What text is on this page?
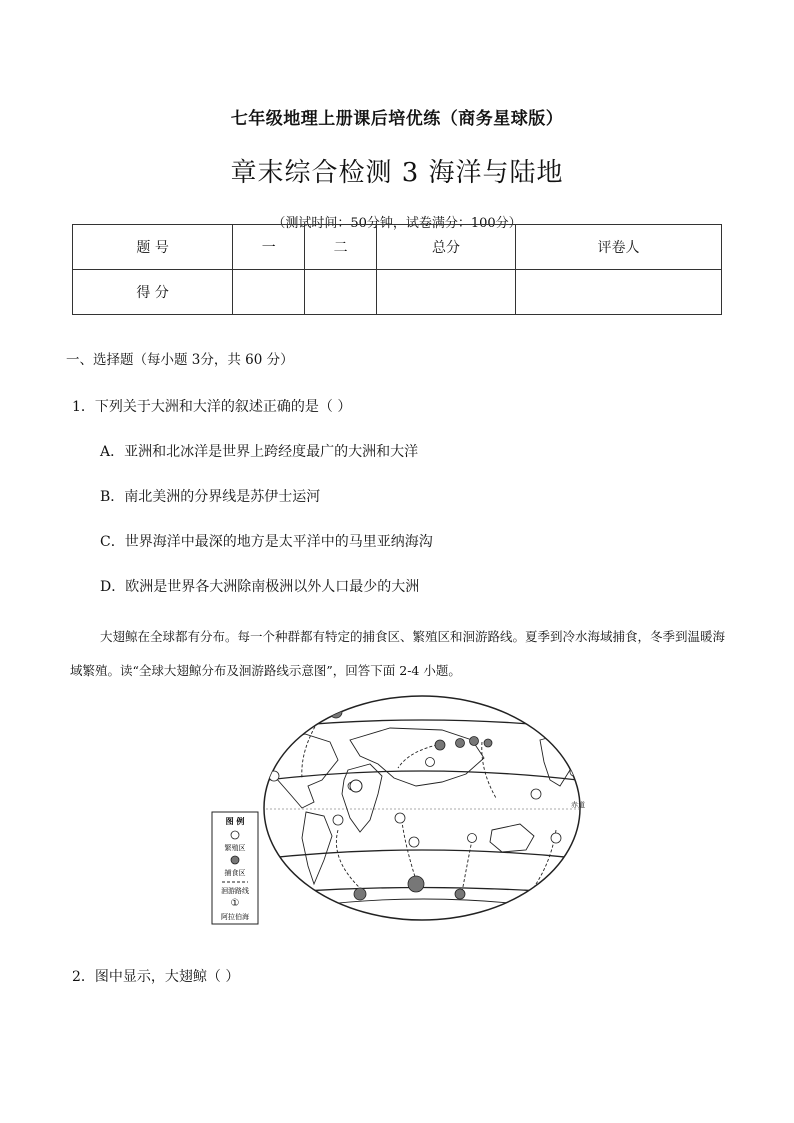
七年级地理上册课后培优练（商务星球版）
章末综合检测 3 海洋与陆地
（测试时间：50分钟，试卷满分：100分）
题 号	一	二	总分	评卷人
得 分				
一、选择题（每小题 3分，共 60 分）
1．下列关于大洲和大洋的叙述正确的是（ ）
A．亚洲和北冰洋是世界上跨经度最广的大洲和大洋
B．南北美洲的分界线是苏伊士运河
C．世界海洋中最深的地方是太平洋中的马里亚纳海沟
D．欧洲是世界各大洲除南极洲以外人口最少的大洲
大翅鲸在全球都有分布。每一个种群都有特定的捕食区、繁殖区和洄游路线。夏季到冷水海域捕食，冬季到温暖海域繁殖。读“全球大翅鲸分布及洄游路线示意图”，回答下面 2-4 小题。
赤道
图 例
繁殖区
捕食区
洄游路线
①
阿拉伯海
2．图中显示，大翅鲸（ ）
